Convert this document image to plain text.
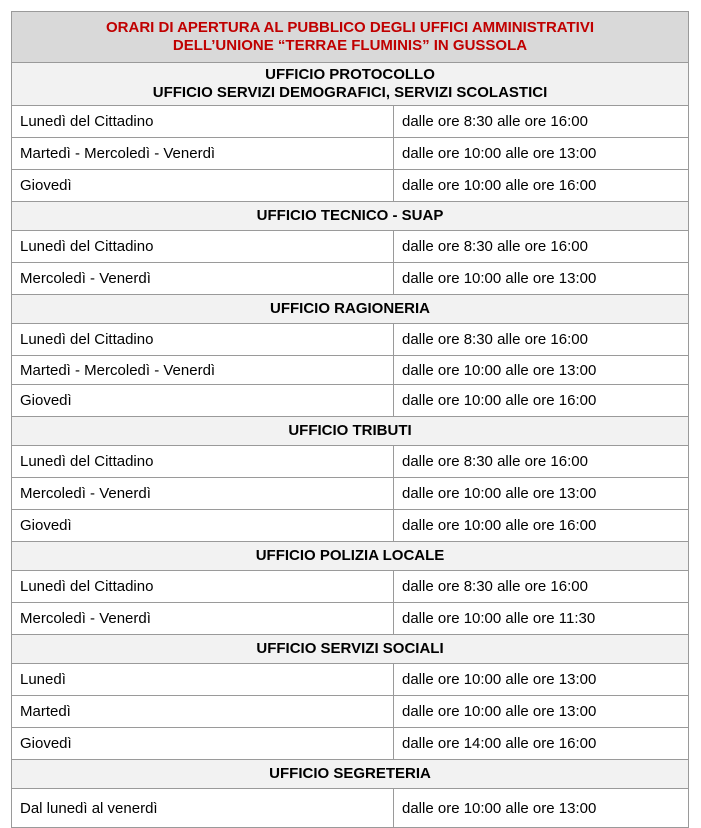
ORARI DI APERTURA AL PUBBLICO DEGLI UFFICI AMMINISTRATIVI
DELL’UNIONE “TERRAE FLUMINIS” IN GUSSOLA	

UFFICIO PROTOCOLLO
UFFICIO SERVIZI DEMOGRAFICI, SERVIZI SCOLASTICI	

Lunedì del Cittadino	dalle ore 8:30 alle ore 16:00
Martedì - Mercoledì - Venerdì	dalle ore 10:00 alle ore 13:00
Giovedì	dalle ore 10:00 alle ore 16:00

UFFICIO TECNICO - SUAP	

Lunedì del Cittadino	dalle ore 8:30 alle ore 16:00
Mercoledì - Venerdì	dalle ore 10:00 alle ore 13:00

UFFICIO RAGIONERIA	

Lunedì del Cittadino	dalle ore 8:30 alle ore 16:00
Martedì - Mercoledì - Venerdì	dalle ore 10:00 alle ore 13:00
Giovedì	dalle ore 10:00 alle ore 16:00

UFFICIO TRIBUTI	

Lunedì del Cittadino	dalle ore 8:30 alle ore 16:00
Mercoledì - Venerdì	dalle ore 10:00 alle ore 13:00
Giovedì	dalle ore 10:00 alle ore 16:00

UFFICIO POLIZIA LOCALE	

Lunedì del Cittadino	dalle ore 8:30 alle ore 16:00
Mercoledì - Venerdì	dalle ore 10:00 alle ore 11:30

UFFICIO SERVIZI SOCIALI	

Lunedì	dalle ore 10:00 alle ore 13:00
Martedì	dalle ore 10:00 alle ore 13:00
Giovedì	dalle ore 14:00 alle ore 16:00

UFFICIO SEGRETERIA	

Dal lunedì al venerdì	dalle ore 10:00 alle ore 13:00
